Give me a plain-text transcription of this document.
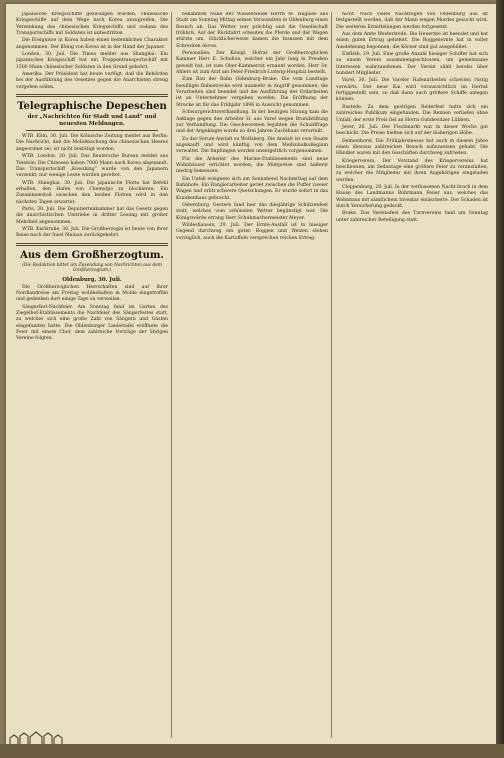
japanische Kriegsschiffe gezwungen wurden, chinesische Kriegsschiffe auf dem Wege nach Korea anzugreifen. Die Versenkung des chinesischen Kriegsschiffs und sodann des Transportschiffs mit Soldaten ist unbestritten.

Die Ereignisse in Korea haben einen bedenklichen Charakter angenommen. Der König von Korea ist in der Hand der Japaner.

London, 30. Juli. Die Times meldet aus Shanghai: Ein japanisches Kriegsschiff hat ein Truppentransportschiff mit 1500 Mann chinesischer Soldaten in den Grund gebohrt.

Amerika. Der Präsident hat heute verfügt, daß die Behörden bei der Ausführung des Gesetzes gegen die Anarchisten streng vorgehen sollen.

Telegraphische Depeschen
der „Nachrichten für Stadt und Land“ und neuesten Meldungen.

WTB. Köln, 30. Juli. Die Kölnische Zeitung meldet aus Berlin: Die Nachricht, daß die Mobilmachung des chinesischen Heeres angeordnet sei, ist nicht bestätigt worden.

WTB. London, 30. Juli. Das Reutersche Bureau meldet aus Tientsin: Die Chinesen haben 7000 Mann nach Korea abgesandt. Das Transportschiff „Kowshing“ wurde von den Japanern versenkt; nur wenige Leute wurden gerettet.

WTB. Shanghai, 30. Juli. Die japanische Flotte hat Befehl erhalten, den Hafen von Chemulpo zu blockieren. Ein Zusammenstoß zwischen den beiden Flotten wird in den nächsten Tagen erwartet.

Paris, 30. Juli. Die Deputiertenkammer hat das Gesetz gegen die anarchistischen Umtriebe in dritter Lesung mit großer Mehrheit angenommen.

WTB. Karlsruhe, 30. Juli. Die Großherzogin ist heute von ihrer Reise nach der Insel Mainau zurückgekehrt.

Aus dem Großherzogtum.
(Die Redaktion bittet um Zusendung von Nachrichten aus dem Großherzogtum.)
Oldenburg, 30. Juli.

Die Großherzoglichen Herrschaften sind auf ihrer Nordlandreise am Freitag wohlbehalten in Molde eingetroffen und gedenken dort einige Tage zu verweilen.

Sängerfest-Nachfeier. Am Sonntag fand im Garten des Ziegelhof-Etablissements die Nachfeier des Sängerfestes statt, zu welcher sich eine große Zahl von Sängern und Gästen eingefunden hatte. Die Oldenburger Liedertafel eröffnete die Feier mit einem Chor, dem zahlreiche Vorträge der übrigen Vereine folgten.

bekannten Nähe der Wiesenweide Herrn M. Hagaise aus Stadt am Sonntag Mittag seinen Verwandten in Oldenburg einen Besuch ab. Das Wetter war prächtig und die Gesellschaft fröhlich. Auf der Rückfahrt scheuten die Pferde und der Wagen stürzte um. Glücklicherweise kamen die Insassen mit dem Schrecken davon.

Personalien. Der Königl. Hofrat der Großherzoglichen Kammer Herr E. Schultze, welcher ein Jahr lang in Preußen geweilt hat, ist zum Ober-Kammerrat ernannt worden. Herr Dr. Ahlers ist zum Arzt am Peter-Friedrich-Ludwig-Hospital bestellt.

Zum Bau der Bahn Oldenburg–Brake. Die vom Landtage bewilligte Bahnstrecke wird nunmehr in Angriff genommen; die Vorarbeiten sind beendet und die Ausführung der Erdarbeiten ist an Unternehmer vergeben worden. Die Eröffnung der Strecke ist für das Frühjahr 1896 in Aussicht genommen.

Schwurgerichtsverhandlung. In der heutigen Sitzung kam die Anklage gegen den Arbeiter H. aus Varel wegen Brandstiftung zur Verhandlung. Die Geschworenen bejahten die Schuldfrage und der Angeklagte wurde zu drei Jahren Zuchthaus verurteilt.

Zu der Serum-Anstalt zu Wolfsberg. Die Anstalt ist vom Staate angekauft und wird künftig von dem Medizinalkollegium verwaltet. Die Impfungen werden unentgeltlich vorgenommen.

Für die Arbeiter des Marine-Etablissements sind neue Wohnhäuser errichtet worden; die Mietpreise sind äußerst niedrig bemessen.

Ein Unfall ereignete sich am Sonnabend Nachmittag auf dem Bahnhofe. Ein Rangierarbeiter geriet zwischen die Puffer zweier Wagen und erlitt schwere Quetschungen. Er wurde sofort in das Krankenhaus gebracht.

Osternburg. Gestern fand hier das diesjährige Schützenfest statt, welches vom schönsten Wetter begünstigt war. Die Königswürde errang Herr Schuhmachermeister Meyer.

Wildeshausen, 29. Juli. Der Ernte-Ausfall ist in hiesiger Gegend durchweg ein guter. Roggen und Weizen stehen vorzüglich, auch die Kartoffeln versprechen reichen Ertrag.

nicht. Nach vieles Nachfragen von Oldenburg aus ist festgestellt worden, daß der Mann wegen Mordes gesucht wird. Die weiteren Ermittelungen werden fortgesetzt.

Aus dem Amte Westerstede. Die Heuernte ist beendet und hat einen guten Ertrag geliefert. Die Roggenernte hat in voller Ausdehnung begonnen; die Körner sind gut ausgebildet.

Elsfleth, 29. Juli. Eine große Anzahl hiesiger Schiffer hat sich zu einem Verein zusammengeschlossen, um gemeinsame Interessen wahrzunehmen. Der Verein zählt bereits über hundert Mitglieder.

Varel, 30. Juli. Die Vareler Hafenarbeiten schreiten rüstig vorwärts. Der neue Kai wird voraussichtlich im Herbst fertiggestellt sein, so daß dann auch größere Schiffe anlegen können.

Rastede. Zu dem gestrigen Reiterfest hatte sich ein zahlreiches Publikum eingefunden. Die Rennen verliefen ohne Unfall; der erste Preis fiel an Herrn Gutsbesitzer Lübben.

Jever, 28. Juli. Der Fischmarkt war in dieser Woche gut beschickt. Die Preise hielten sich auf der bisherigen Höhe.

Delmenhorst. Die Frühjahrsmesse hat auch in diesem Jahre einen überaus zahlreichen Besuch aufzuweisen gehabt. Die Händler waren mit den Geschäften durchweg zufrieden.

Kriegerverein. Der Vorstand des Kriegervereins hat beschlossen, am Sedantage eine größere Feier zu veranstalten, zu welcher die Mitglieder mit ihren Angehörigen eingeladen werden.

Cloppenburg, 29. Juli. In der verflossenen Nacht brach in dem Hause des Landmanns Bührmann Feuer aus, welches das Wohnhaus mit sämtlichem Inventar einäscherte. Der Schaden ist durch Versicherung gedeckt.

Brake. Das Vereinsfest des Turnvereins fand am Sonntag unter zahlreicher Beteiligung statt.
